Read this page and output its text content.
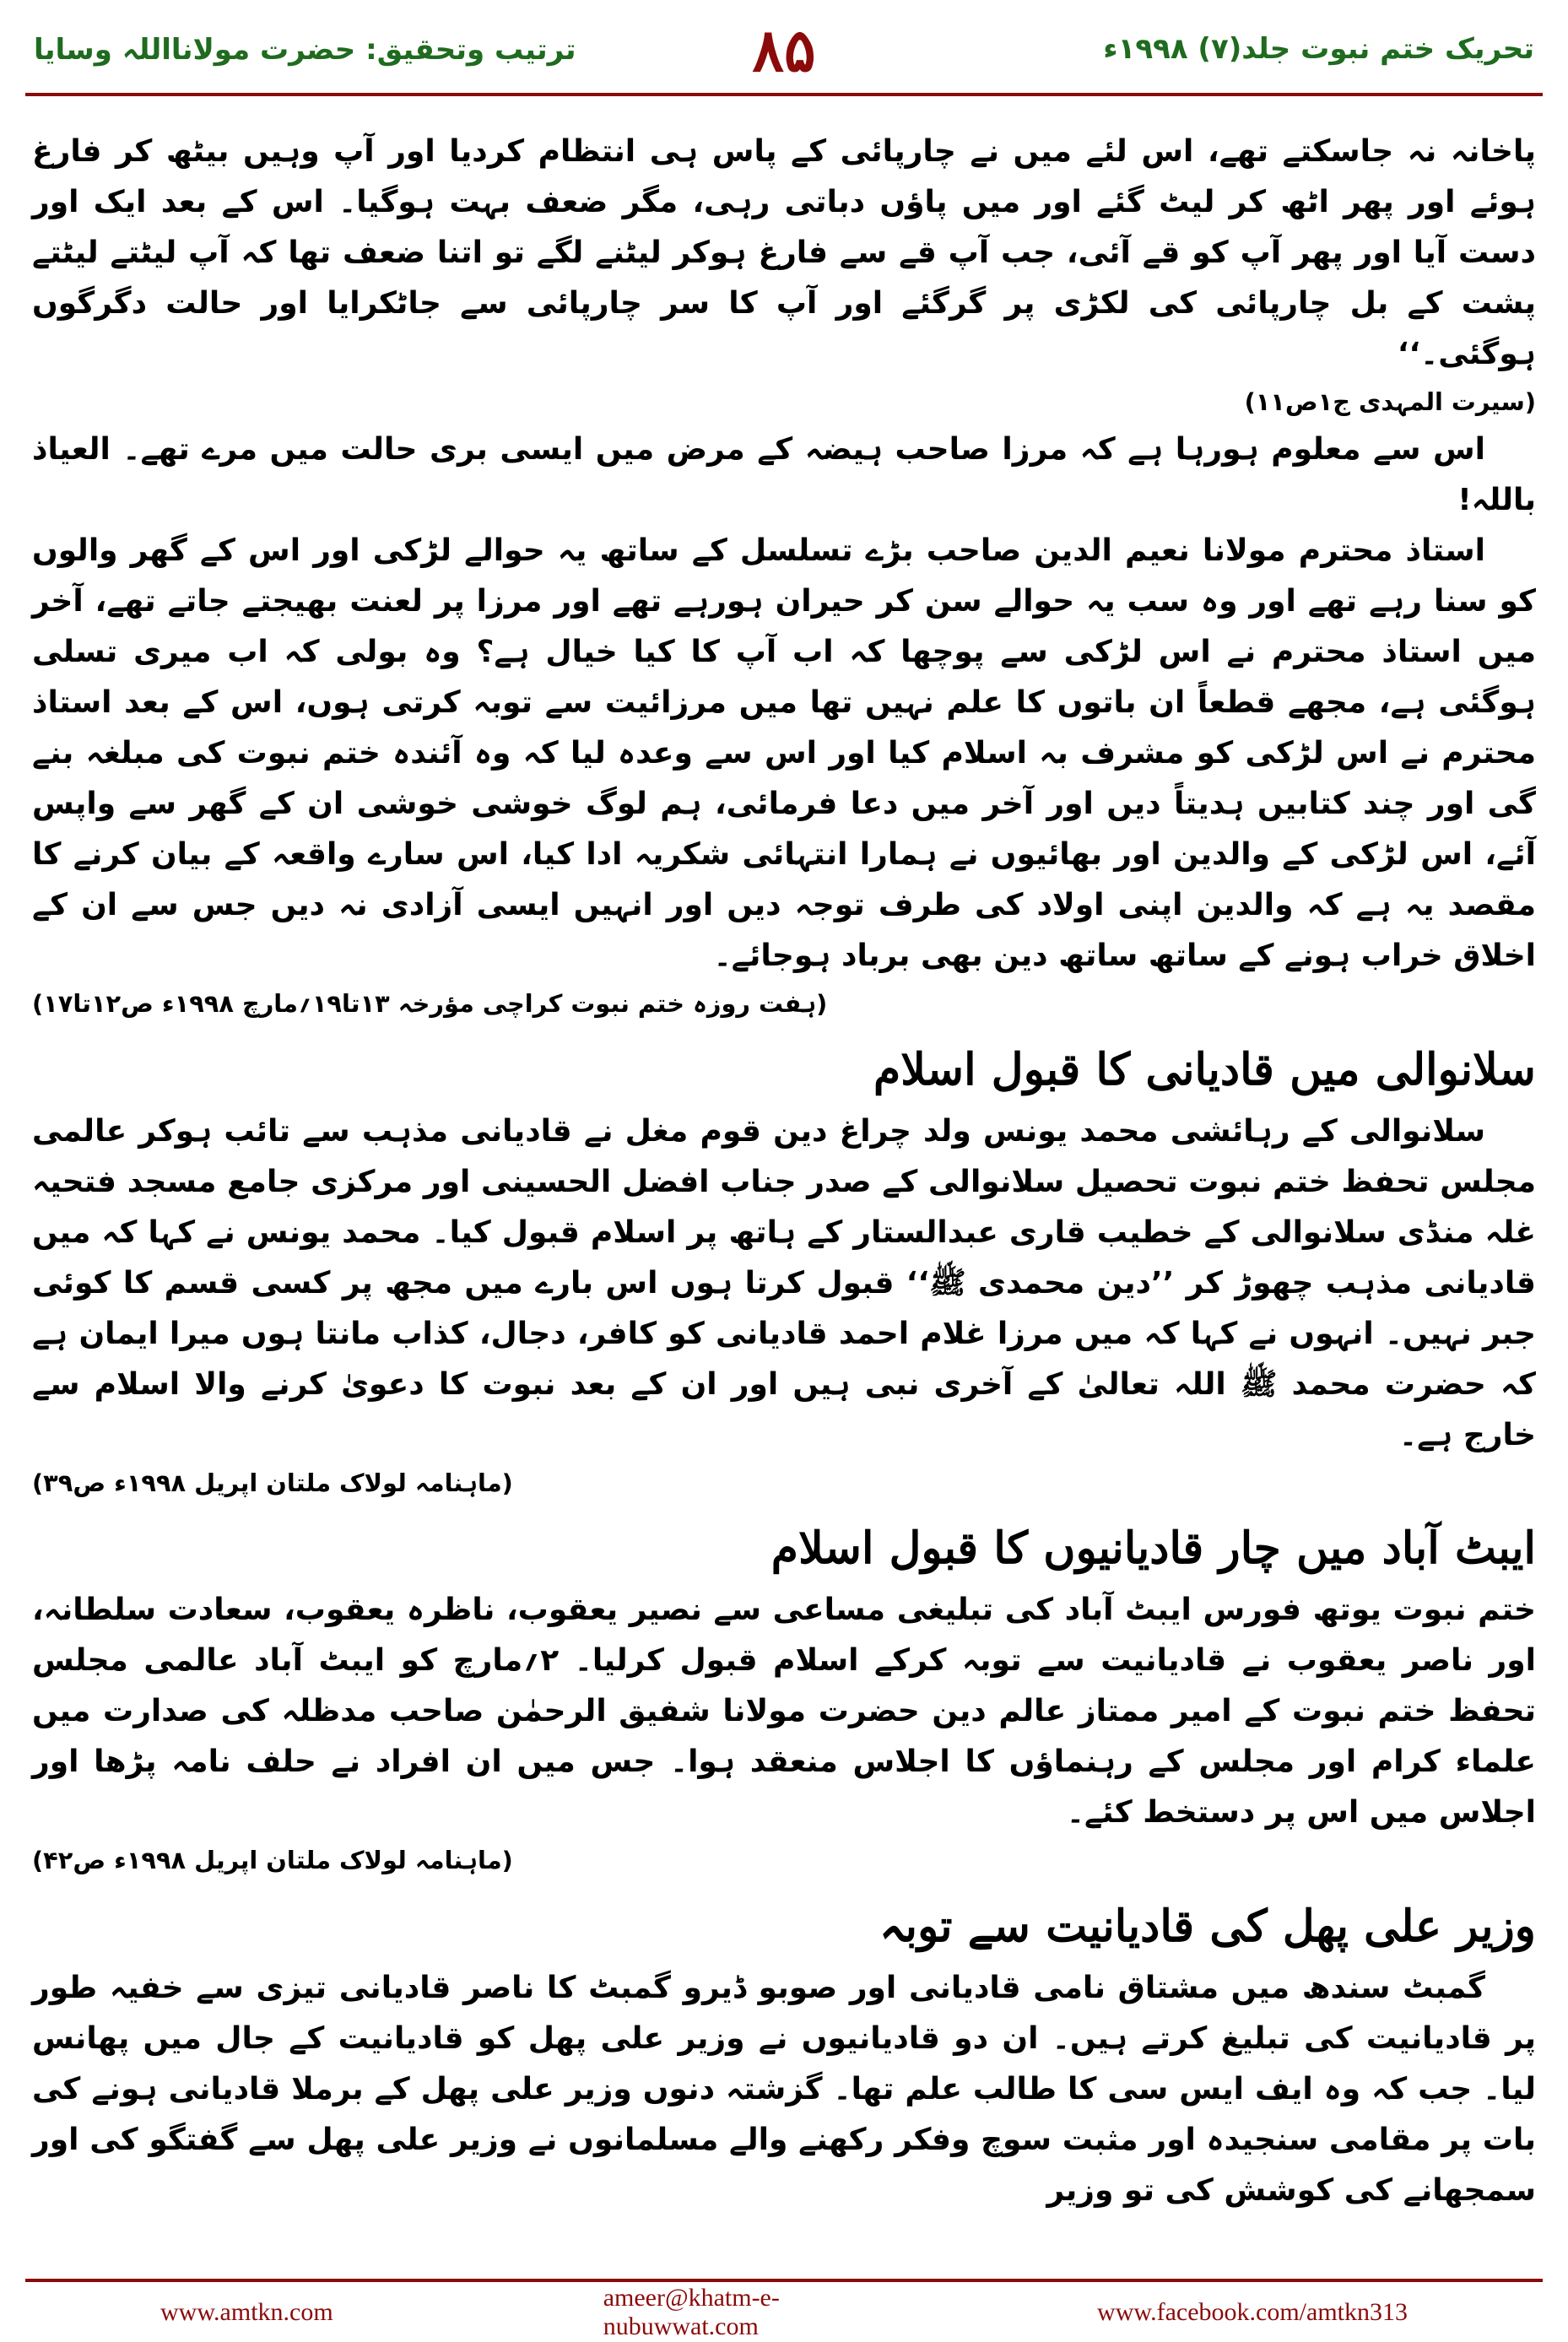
ترتیب وتحقیق: حضرت مولانااللہ وسایا	۸۵	تحریک ختم نبوت جلد(۷) ۱۹۹۸ء

پاخانہ نہ جاسکتے تھے، اس لئے میں نے چارپائی کے پاس ہی انتظام کردیا اور آپ وہیں بیٹھ کر فارغ ہوئے اور پھر اٹھ کر لیٹ گئے اور میں پاؤں دباتی رہی، مگر ضعف بہت ہوگیا۔ اس کے بعد ایک اور دست آیا اور پھر آپ کو قے آئی، جب آپ قے سے فارغ ہوکر لیٹنے لگے تو اتنا ضعف تھا کہ آپ لیٹتے لیٹتے پشت کے بل چارپائی کی لکڑی پر گرگئے اور آپ کا سر چارپائی سے جاٹکرایا اور حالت دگرگوں ہوگئی۔‘‘

(سیرت المہدی ج۱ص۱۱)

اس سے معلوم ہورہا ہے کہ مرزا صاحب ہیضہ کے مرض میں ایسی بری حالت میں مرے تھے۔ العیاذ باللہ!

استاذ محترم مولانا نعیم الدین صاحب بڑے تسلسل کے ساتھ یہ حوالے لڑکی اور اس کے گھر والوں کو سنا رہے تھے اور وہ سب یہ حوالے سن کر حیران ہورہے تھے اور مرزا پر لعنت بھیجتے جاتے تھے، آخر میں استاذ محترم نے اس لڑکی سے پوچھا کہ اب آپ کا کیا خیال ہے؟ وہ بولی کہ اب میری تسلی ہوگئی ہے، مجھے قطعاً ان باتوں کا علم نہیں تھا میں مرزائیت سے توبہ کرتی ہوں، اس کے بعد استاذ محترم نے اس لڑکی کو مشرف بہ اسلام کیا اور اس سے وعدہ لیا کہ وہ آئندہ ختم نبوت کی مبلغہ بنے گی اور چند کتابیں ہدیتاً دیں اور آخر میں دعا فرمائی، ہم لوگ خوشی خوشی ان کے گھر سے واپس آئے، اس لڑکی کے والدین اور بھائیوں نے ہمارا انتہائی شکریہ ادا کیا، اس سارے واقعہ کے بیان کرنے کا مقصد یہ ہے کہ والدین اپنی اولاد کی طرف توجہ دیں اور انہیں ایسی آزادی نہ دیں جس سے ان کے اخلاق خراب ہونے کے ساتھ ساتھ دین بھی برباد ہوجائے۔

(ہفت روزہ ختم نبوت کراچی مؤرخہ ۱۳تا۱۹؍مارچ ۱۹۹۸ء ص۱۲تا۱۷)

سلانوالی میں قادیانی کا قبول اسلام

سلانوالی کے رہائشی محمد یونس ولد چراغ دین قوم مغل نے قادیانی مذہب سے تائب ہوکر عالمی مجلس تحفظ ختم نبوت تحصیل سلانوالی کے صدر جناب افضل الحسینی اور مرکزی جامع مسجد فتحیہ غلہ منڈی سلانوالی کے خطیب قاری عبدالستار کے ہاتھ پر اسلام قبول کیا۔ محمد یونس نے کہا کہ میں قادیانی مذہب چھوڑ کر ’’دین محمدی ﷺ‘‘ قبول کرتا ہوں اس بارے میں مجھ پر کسی قسم کا کوئی جبر نہیں۔ انہوں نے کہا کہ میں مرزا غلام احمد قادیانی کو کافر، دجال، کذاب مانتا ہوں میرا ایمان ہے کہ حضرت محمد ﷺ اللہ تعالیٰ کے آخری نبی ہیں اور ان کے بعد نبوت کا دعویٰ کرنے والا اسلام سے خارج ہے۔

(ماہنامہ لولاک ملتان اپریل ۱۹۹۸ء ص۳۹)

ایبٹ آباد میں چار قادیانیوں کا قبول اسلام

ختم نبوت یوتھ فورس ایبٹ آباد کی تبلیغی مساعی سے نصیر یعقوب، ناظرہ یعقوب، سعادت سلطانہ، اور ناصر یعقوب نے قادیانیت سے توبہ کرکے اسلام قبول کرلیا۔ ۲؍مارچ کو ایبٹ آباد عالمی مجلس تحفظ ختم نبوت کے امیر ممتاز عالم دین حضرت مولانا شفیق الرحمٰن صاحب مدظلہ کی صدارت میں علماء کرام اور مجلس کے رہنماؤں کا اجلاس منعقد ہوا۔ جس میں ان افراد نے حلف نامہ پڑھا اور اجلاس میں اس پر دستخط کئے۔

(ماہنامہ لولاک ملتان اپریل ۱۹۹۸ء ص۴۲)

وزیر علی پھل کی قادیانیت سے توبہ

گمبٹ سندھ میں مشتاق نامی قادیانی اور صوبو ڈیرو گمبٹ کا ناصر قادیانی تیزی سے خفیہ طور پر قادیانیت کی تبلیغ کرتے ہیں۔ ان دو قادیانیوں نے وزیر علی پھل کو قادیانیت کے جال میں پھانس لیا۔ جب کہ وہ ایف ایس سی کا طالب علم تھا۔ گزشتہ دنوں وزیر علی پھل کے برملا قادیانی ہونے کی بات پر مقامی سنجیدہ اور مثبت سوچ وفکر رکھنے والے مسلمانوں نے وزیر علی پھل سے گفتگو کی اور سمجھانے کی کوشش کی تو وزیر

www.amtkn.com
ameer@khatm-e-nubuwwat.com
www.facebook.com/amtkn313
